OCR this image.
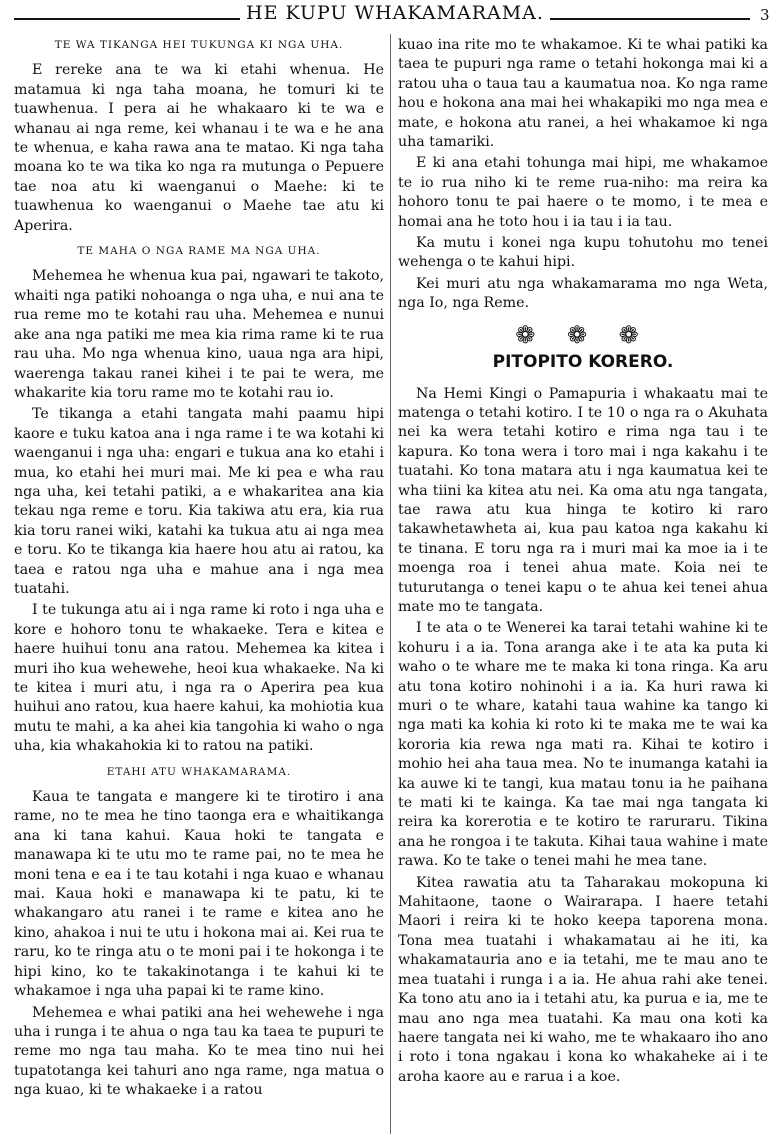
HE KUPU WHAKAMARAMA.	3
TE WA TIKANGA HEI TUKUNGA KI NGA UHA.

E rereke ana te wa ki etahi whenua. He matamua ki nga taha moana, he tomuri ki te tuawhenua. I pera ai he whakaaro ki te wa e whanau ai nga reme, kei whanau i te wa e he ana te whenua, e kaha rawa ana te matao. Ki nga taha moana ko te wa tika ko nga ra mutunga o Pepuere tae noa atu ki waenganui o Maehe: ki te tuawhenua ko waenganui o Maehe tae atu ki Aperira.

TE MAHA O NGA RAME MA NGA UHA.

Mehemea he whenua kua pai, ngawari te takoto, whaiti nga patiki nohoanga o nga uha, e nui ana te rua reme mo te kotahi rau uha. Mehemea e nunui ake ana nga patiki me mea kia rima rame ki te rua rau uha. Mo nga whenua kino, uaua nga ara hipi, waerenga takau ranei kihei i te pai te wera, me whakarite kia toru rame mo te kotahi rau io.

Te tikanga a etahi tangata mahi paamu hipi kaore e tuku katoa ana i nga rame i te wa kotahi ki waenganui i nga uha: engari e tukua ana ko etahi i mua, ko etahi hei muri mai. Me ki pea e wha rau nga uha, kei tetahi patiki, a e whakaritea ana kia tekau nga reme e toru. Kia takiwa atu era, kia rua kia toru ranei wiki, katahi ka tukua atu ai nga mea e toru. Ko te tikanga kia haere hou atu ai ratou, ka taea e ratou nga uha e mahue ana i nga mea tuatahi.

I te tukunga atu ai i nga rame ki roto i nga uha e kore e hohoro tonu te whakaeke. Tera e kitea e haere huihui tonu ana ratou. Mehemea ka kitea i muri iho kua wehewehe, heoi kua whakaeke. Na ki te kitea i muri atu, i nga ra o Aperira pea kua huihui ano ratou, kua haere kahui, ka mohiotia kua mutu te mahi, a ka ahei kia tangohia ki waho o nga uha, kia whakahokia ki to ratou na patiki.

ETAHI ATU WHAKAMARAMA.

Kaua te tangata e mangere ki te tirotiro i ana rame, no te mea he tino taonga era e whaitikanga ana ki tana kahui. Kaua hoki te tangata e manawapa ki te utu mo te rame pai, no te mea he moni tena e ea i te tau kotahi i nga kuao e whanau mai. Kaua hoki e manawapa ki te patu, ki te whakangaro atu ranei i te rame e kitea ano he kino, ahakoa i nui te utu i hokona mai ai. Kei rua te raru, ko te ringa atu o te moni pai i te hokonga i te hipi kino, ko te takakinotanga i te kahui ki te whakamoe i nga uha papai ki te rame kino.

Mehemea e whai patiki ana hei wehewehe i nga uha i runga i te ahua o nga tau ka taea te pupuri te reme mo nga tau maha. Ko te mea tino nui hei tupatotanga kei tahuri ano nga rame, nga matua o nga kuao, ki te whakaeke i a ratou

kuao ina rite mo te whakamoe. Ki te whai patiki ka taea te pupuri nga rame o tetahi hokonga mai ki a ratou uha o taua tau a kaumatua noa. Ko nga rame hou e hokona ana mai hei whakapiki mo nga mea e mate, e hokona atu ranei, a hei whakamoe ki nga uha tamariki.

E ki ana etahi tohunga mai hipi, me whakamoe te io rua niho ki te reme rua-niho: ma reira ka hohoro tonu te pai haere o te momo, i te mea e homai ana he toto hou i ia tau i ia tau.

Ka mutu i konei nga kupu tohutohu mo tenei wehenga o te kahui hipi.

Kei muri atu nga whakamarama mo nga Weta, nga Io, nga Reme.

❁ ❁ ❁
PITOPITO KORERO.

Na Hemi Kingi o Pamapuria i whakaatu mai te matenga o tetahi kotiro. I te 10 o nga ra o Akuhata nei ka wera tetahi kotiro e rima nga tau i te kapura. Ko tona wera i toro mai i nga kakahu i te tuatahi. Ko tona matara atu i nga kaumatua kei te wha tiini ka kitea atu nei. Ka oma atu nga tangata, tae rawa atu kua hinga te kotiro ki raro takawhetawheta ai, kua pau katoa nga kakahu ki te tinana. E toru nga ra i muri mai ka moe ia i te moenga roa i tenei ahua mate. Koia nei te tuturutanga o tenei kapu o te ahua kei tenei ahua mate mo te tangata.

I te ata o te Wenerei ka tarai tetahi wahine ki te kohuru i a ia. Tona aranga ake i te ata ka puta ki waho o te whare me te maka ki tona ringa. Ka aru atu tona kotiro nohinohi i a ia. Ka huri rawa ki muri o te whare, katahi taua wahine ka tango ki nga mati ka kohia ki roto ki te maka me te wai ka kororia kia rewa nga mati ra. Kihai te kotiro i mohio hei aha taua mea. No te inumanga katahi ia ka auwe ki te tangi, kua matau tonu ia he paihana te mati ki te kainga. Ka tae mai nga tangata ki reira ka korerotia e te kotiro te raruraru. Tikina ana he rongoa i te takuta. Kihai taua wahine i mate rawa. Ko te take o tenei mahi he mea tane.

Kitea rawatia atu ta Taharakau mokopuna ki Mahitaone, taone o Wairarapa. I haere tetahi Maori i reira ki te hoko keepa taporena mona. Tona mea tuatahi i whakamatau ai he iti, ka whakamatauria ano e ia tetahi, me te mau ano te mea tuatahi i runga i a ia. He ahua rahi ake tenei. Ka tono atu ano ia i tetahi atu, ka purua e ia, me te mau ano nga mea tuatahi. Ka mau ona koti ka haere tangata nei ki waho, me te whakaaro iho ano i roto i tona ngakau i kona ko whakaheke ai i te aroha kaore au e rarua i a koe.
